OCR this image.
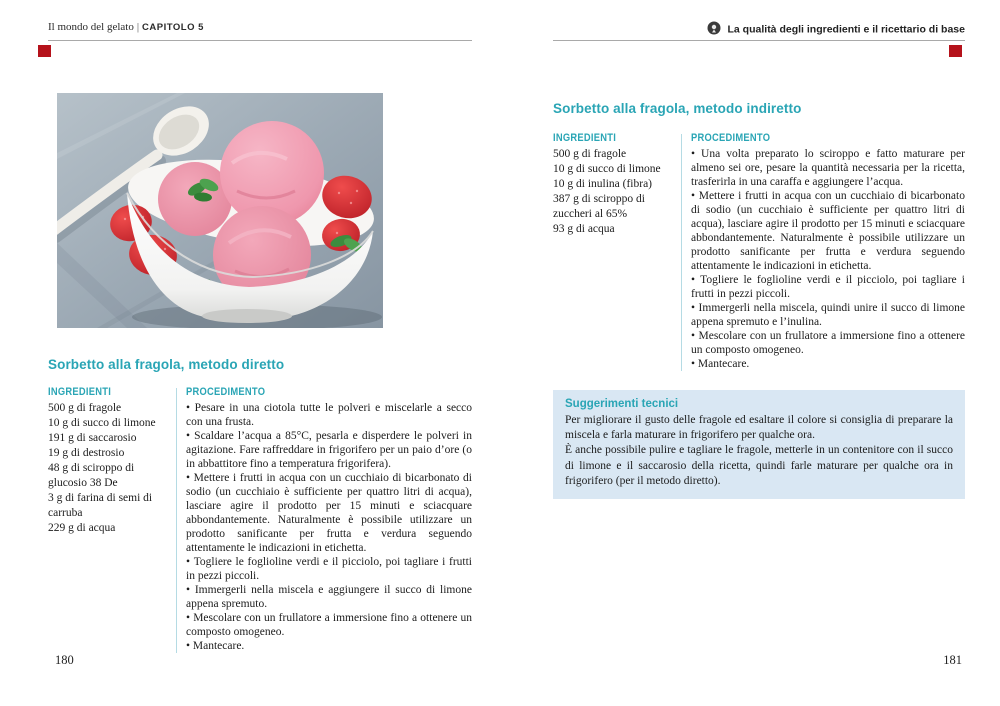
Il mondo del gelato | CAPITOLO 5
Sorbetto alla fragola, metodo diretto
INGREDIENTI
500 g di fragole
10 g di succo di limone
191 g di saccarosio
19 g di destrosio
48 g di sciroppo di glucosio 38 De
3 g di farina di semi di carruba
229 g di acqua
PROCEDIMENTO
• Pesare in una ciotola tutte le polveri e miscelarle a secco con una frusta.
• Scaldare l’acqua a 85°C, pesarla e disperdere le polveri in agitazione. Fare raffreddare in frigorifero per un paio d’ore (o in abbattitore fino a temperatura frigorifera).
• Mettere i frutti in acqua con un cucchiaio di bicarbonato di sodio (un cucchiaio è sufficiente per quattro litri di acqua), lasciare agire il prodotto per 15 minuti e sciacquare abbondantemente. Naturalmente è possibile utilizzare un prodotto sanificante per frutta e verdura seguendo attentamente le indicazioni in etichetta.
• Togliere le foglioline verdi e il picciolo, poi tagliare i frutti in pezzi piccoli.
• Immergerli nella miscela e aggiungere il succo di limone appena spremuto.
• Mescolare con un frullatore a immersione fino a ottenere un composto omogeneo.
• Mantecare.
180
La qualità degli ingredienti e il ricettario di base
Sorbetto alla fragola, metodo indiretto
INGREDIENTI
500 g di fragole
10 g di succo di limone
10 g di inulina (fibra)
387 g di sciroppo di zuccheri al 65%
93 g di acqua
PROCEDIMENTO
• Una volta preparato lo sciroppo e fatto maturare per almeno sei ore, pesare la quantità necessaria per la ricetta, trasferirla in una caraffa e aggiungere l’acqua.
• Mettere i frutti in acqua con un cucchiaio di bicarbonato di sodio (un cucchiaio è sufficiente per quattro litri di acqua), lasciare agire il prodotto per 15 minuti e sciacquare abbondantemente. Naturalmente è possibile utilizzare un prodotto sanificante per frutta e verdura seguendo attentamente le indicazioni in etichetta.
• Togliere le foglioline verdi e il picciolo, poi tagliare i frutti in pezzi piccoli.
• Immergerli nella miscela, quindi unire il succo di limone appena spremuto e l’inulina.
• Mescolare con un frullatore a immersione fino a ottenere un composto omogeneo.
• Mantecare.
Suggerimenti tecnici

Per migliorare il gusto delle fragole ed esaltare il colore si consiglia di preparare la miscela e farla maturare in frigorifero per qualche ora.

È anche possibile pulire e tagliare le fragole, metterle in un contenitore con il succo di limone e il saccarosio della ricetta, quindi farle maturare per qualche ora in frigorifero (per il metodo diretto).

181
